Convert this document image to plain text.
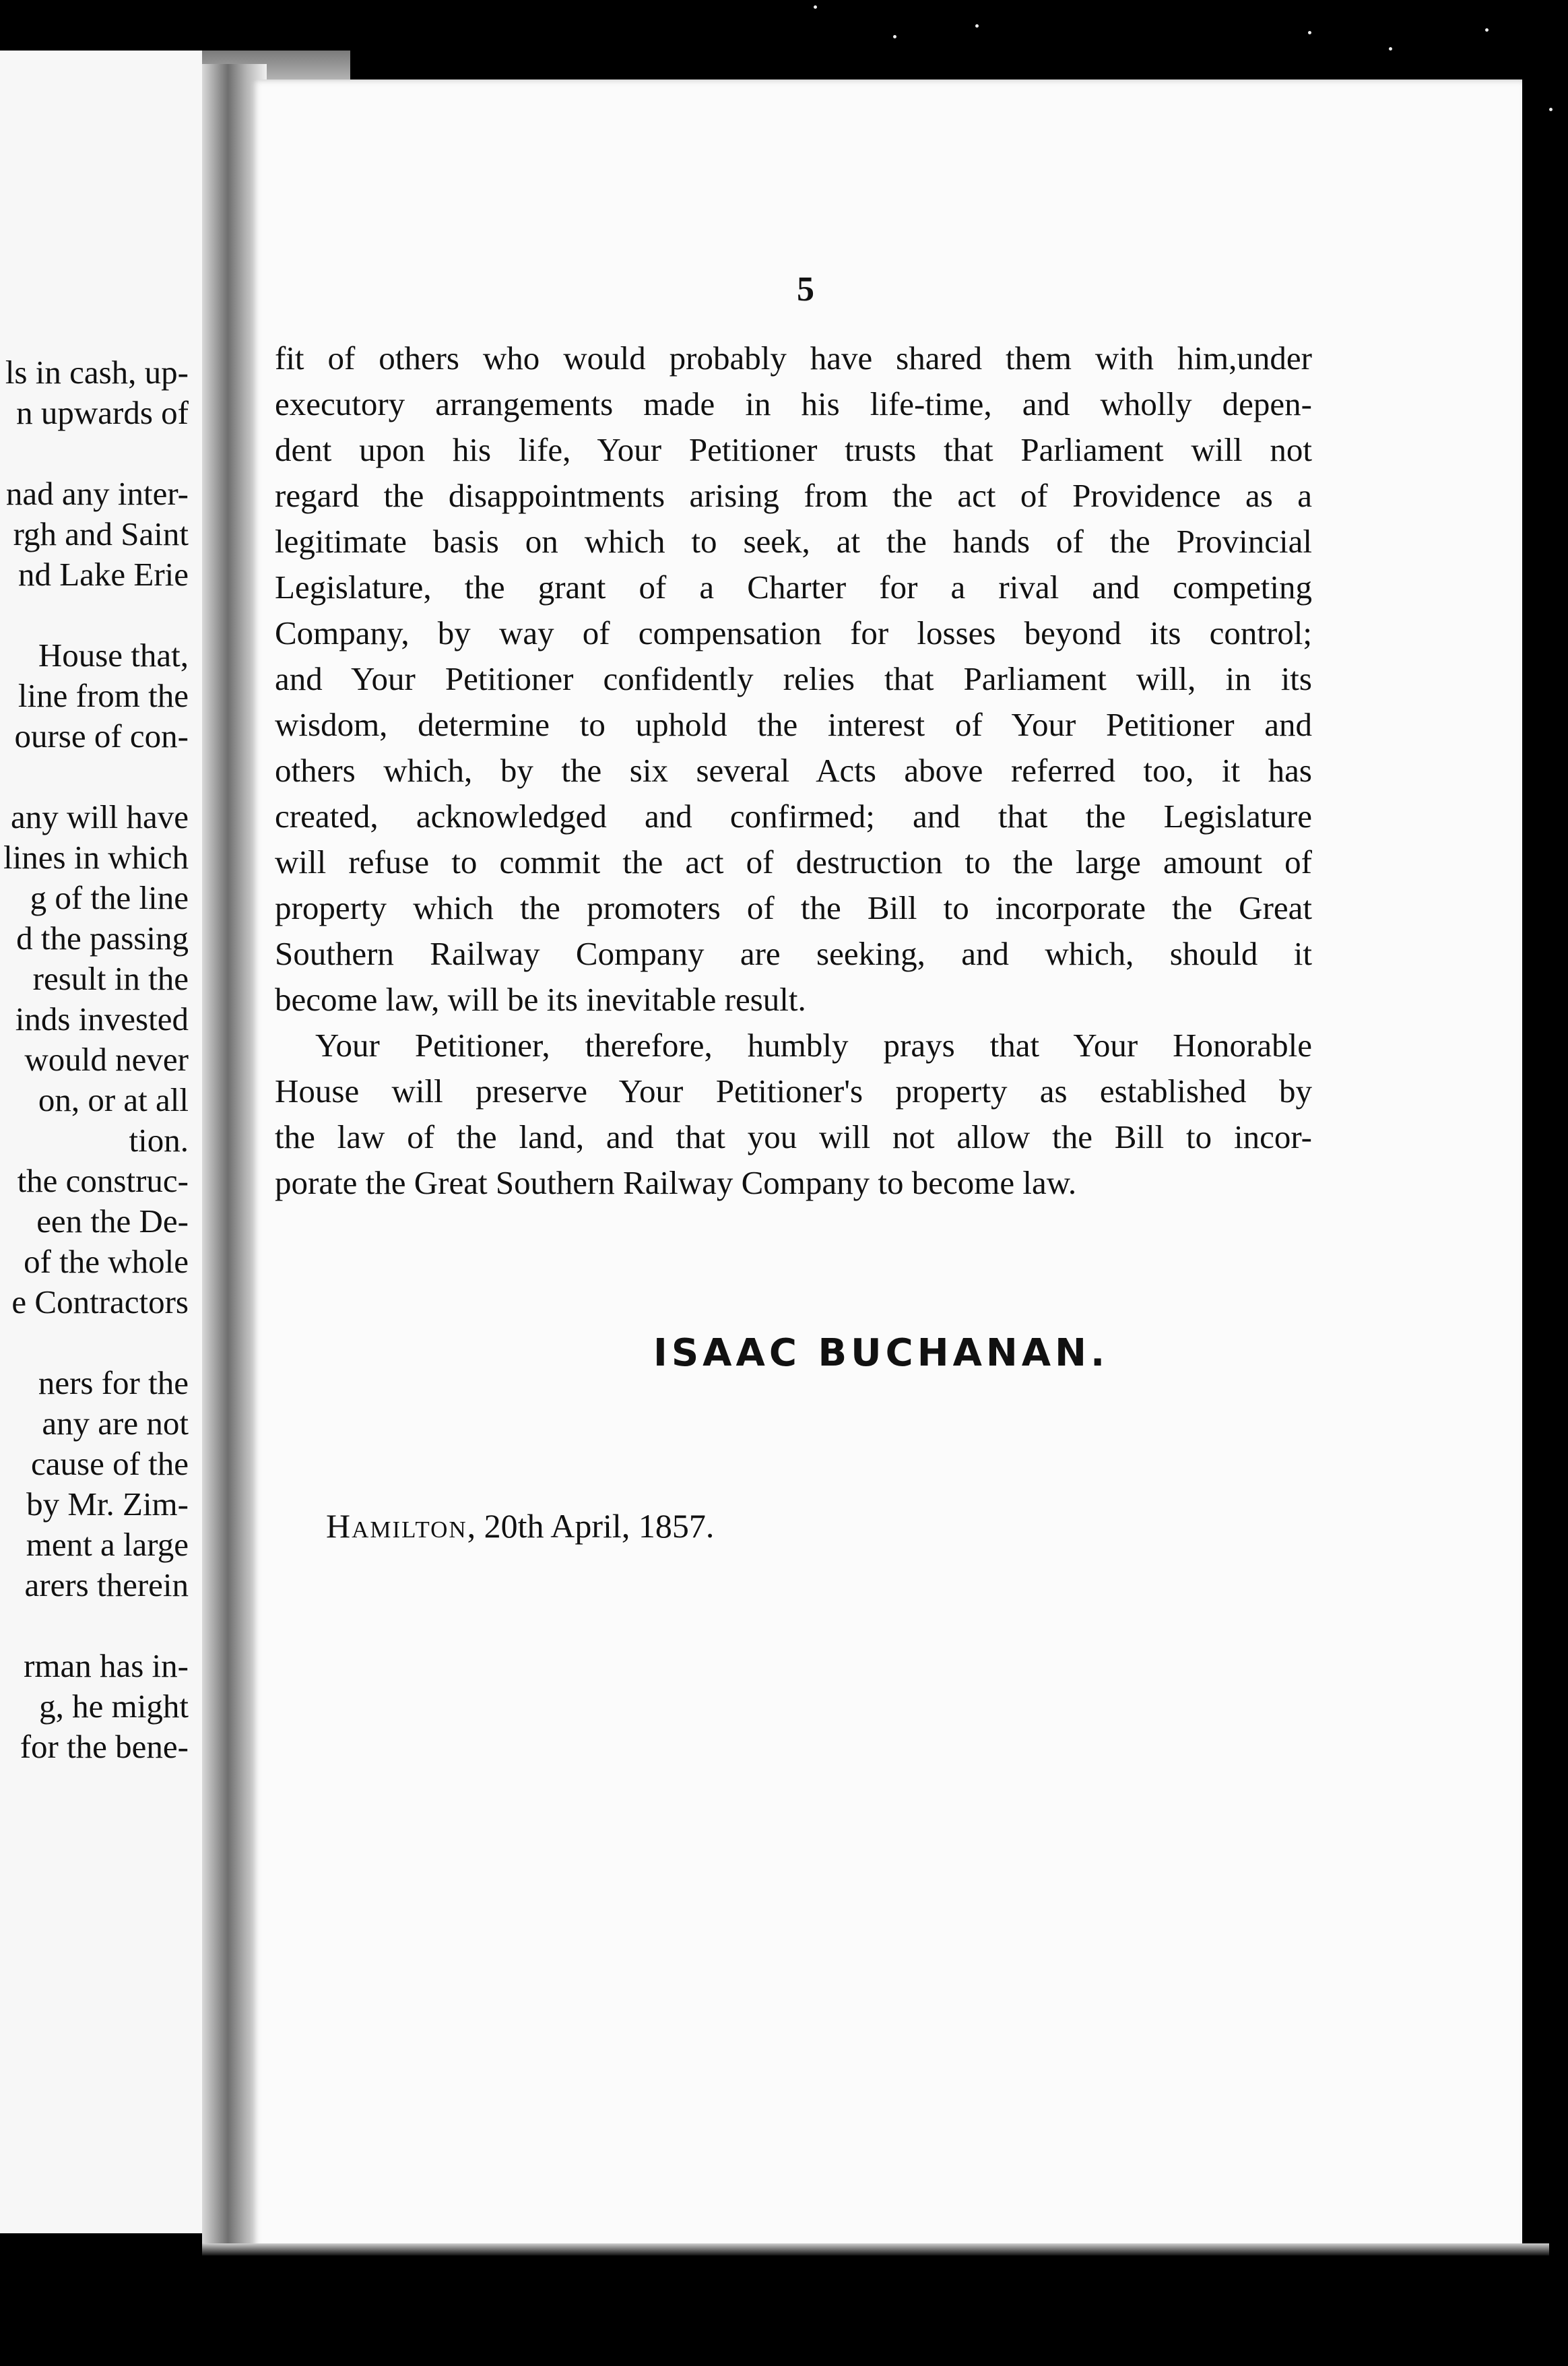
ls in cash, up-
n upwards of
nad any inter-
rgh and Saint
nd Lake Erie
House that,
line from the
ourse of con-
any will have
lines in which
g of the line
d the passing
result in the
inds invested
would never
on, or at all
tion.
the construc-
een the De-
of the whole
e Contractors
ners for the
any are not
cause of the
by Mr. Zim-
ment a large
arers therein
rman has in-
g, he might
for the bene-
5
fit of others who would probably have shared them with him,under
executory arrangements made in his life-time, and wholly depen-
dent upon his life, Your Petitioner trusts that Parliament will not
regard the disappointments arising from the act of Providence as a
legitimate basis on which to seek, at the hands of the Provincial
Legislature, the grant of a Charter for a rival and competing
Company, by way of compensation for losses beyond its control;
and Your Petitioner confidently relies that Parliament will, in its
wisdom, determine to uphold the interest of Your Petitioner and
others which, by the six several Acts above referred too, it has
created, acknowledged and confirmed; and that the Legislature
will refuse to commit the act of destruction to the large amount of
property which the promoters of the Bill to incorporate the Great
Southern Railway Company are seeking, and which, should it
become law, will be its inevitable result.
Your Petitioner, therefore, humbly prays that Your Honorable
House will preserve Your Petitioner's property as established by
the law of the land, and that you will not allow the Bill to incor-
porate the Great Southern Railway Company to become law.
ISAAC BUCHANAN.
Hamilton, 20th April, 1857.
